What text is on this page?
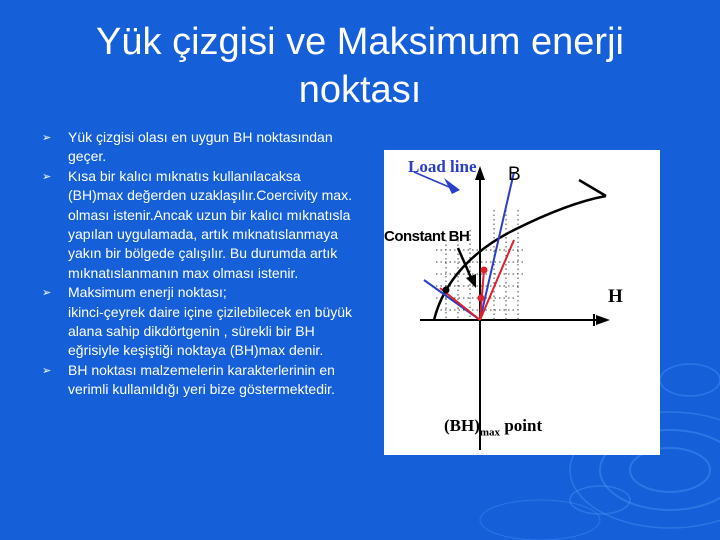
Yük çizgisi ve Maksimum enerji noktası
➢ Yük çizgisi olası en uygun BH noktasından geçer.
➢ Kısa bir kalıcı mıknatıs kullanılacaksa (BH)max değerden uzaklaşılır.Coercivity max. olması istenir.Ancak uzun bir kalıcı mıknatısla yapılan uygulamada, artık mıknatıslanmaya yakın bir bölgede çalışılır. Bu durumda artık mıknatıslanmanın max olması istenir.
➢ Maksimum enerji noktası;
ikinci-çeyrek daire içine çizilebilecek en büyük alana sahip dikdörtgenin , sürekli bir BH eğrisiyle keşiştiği noktaya (BH)max denir.
➢ BH noktası malzemelerin karakterlerinin en verimli kullanıldığı yeri bize göstermektedir.
Load line B
Constant BH
H
$(BH)_{max}$ point
